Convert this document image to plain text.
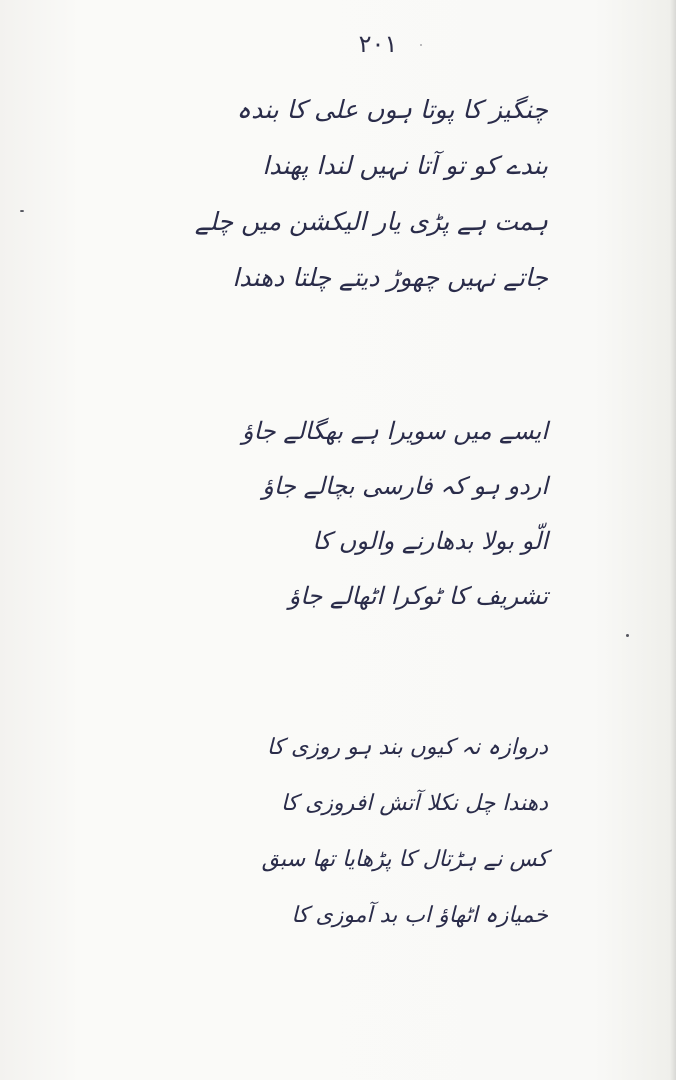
۲۰۱
چنگیز کا پوتا ہوں علی کا بندہ
بندے کو تو آتا نہیں لندا پھندا
ہمت ہے پڑی یار الیکشن میں چلے
جاتے نہیں چھوڑ دیتے چلتا دھندا
ایسے میں سویرا ہے بھگالے جاؤ
اردو ہو کہ فارسی بچالے جاؤ
الّو بولا بدھارنے والوں کا
تشریف کا ٹوکرا اٹھالے جاؤ
دروازہ نہ کیوں بند ہو روزی کا
دھندا چل نکلا آتش افروزی کا
کس نے ہڑتال کا پڑھایا تھا سبق
خمیازہ اٹھاؤ اب بد آموزی کا
